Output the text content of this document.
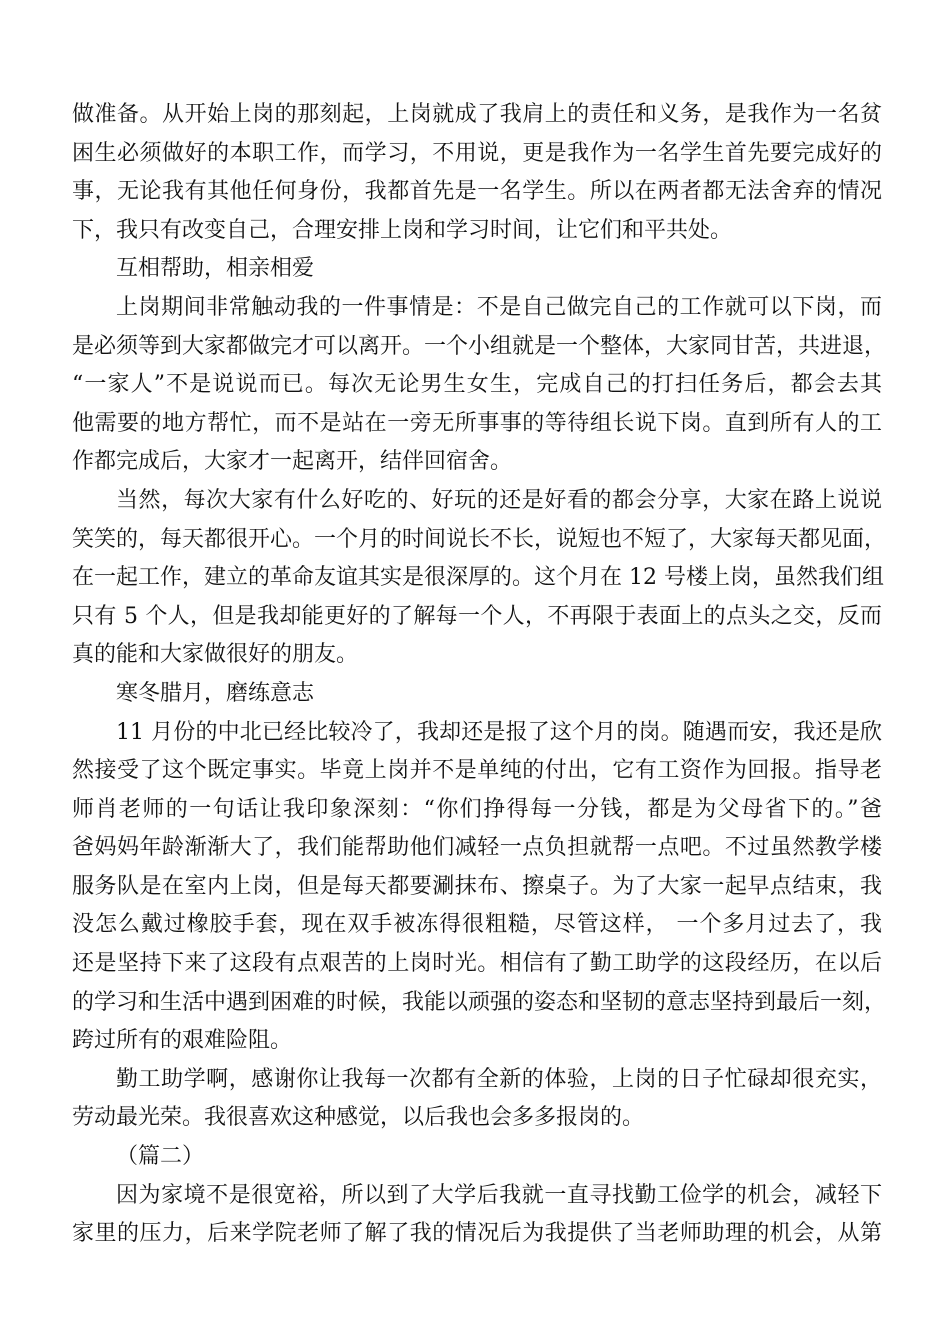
做准备。从开始上岗的那刻起，上岗就成了我肩上的责任和义务，是我作为一名贫
困生必须做好的本职工作，而学习，不用说，更是我作为一名学生首先要完成好的
事，无论我有其他任何身份，我都首先是一名学生。所以在两者都无法舍弃的情况
下，我只有改变自己，合理安排上岗和学习时间，让它们和平共处。
互相帮助，相亲相爱
上岗期间非常触动我的一件事情是：不是自己做完自己的工作就可以下岗，而
是必须等到大家都做完才可以离开。一个小组就是一个整体，大家同甘苦，共进退，
“一家人”不是说说而已。每次无论男生女生，完成自己的打扫任务后，都会去其
他需要的地方帮忙，而不是站在一旁无所事事的等待组长说下岗。直到所有人的工
作都完成后，大家才一起离开，结伴回宿舍。
当然，每次大家有什么好吃的、好玩的还是好看的都会分享，大家在路上说说
笑笑的，每天都很开心。一个月的时间说长不长，说短也不短了，大家每天都见面，
在一起工作，建立的革命友谊其实是很深厚的。这个月在 12 号楼上岗，虽然我们组
只有 5 个人，但是我却能更好的了解每一个人，不再限于表面上的点头之交，反而
真的能和大家做很好的朋友。
寒冬腊月，磨练意志
11 月份的中北已经比较冷了，我却还是报了这个月的岗。随遇而安，我还是欣
然接受了这个既定事实。毕竟上岗并不是单纯的付出，它有工资作为回报。指导老
师肖老师的一句话让我印象深刻：“你们挣得每一分钱，都是为父母省下的。”爸
爸妈妈年龄渐渐大了，我们能帮助他们减轻一点负担就帮一点吧。不过虽然教学楼
服务队是在室内上岗，但是每天都要涮抹布、擦桌子。为了大家一起早点结束，我
没怎么戴过橡胶手套，现在双手被冻得很粗糙，尽管这样， 一个多月过去了，我
还是坚持下来了这段有点艰苦的上岗时光。相信有了勤工助学的这段经历，在以后
的学习和生活中遇到困难的时候，我能以顽强的姿态和坚韧的意志坚持到最后一刻，
跨过所有的艰难险阻。
勤工助学啊，感谢你让我每一次都有全新的体验，上岗的日子忙碌却很充实，
劳动最光荣。我很喜欢这种感觉，以后我也会多多报岗的。
（篇二）
因为家境不是很宽裕，所以到了大学后我就一直寻找勤工俭学的机会，减轻下
家里的压力，后来学院老师了解了我的情况后为我提供了当老师助理的机会，从第
